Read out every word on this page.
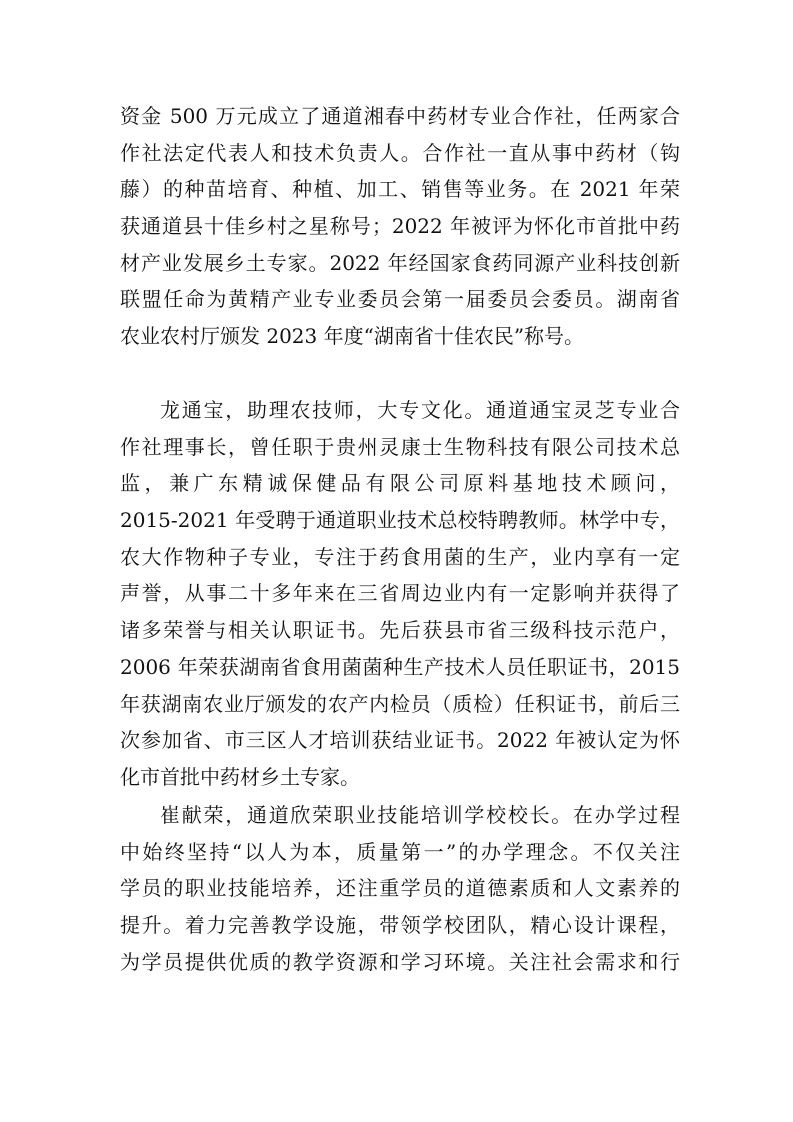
资金 500 万元成立了通道湘春中药材专业合作社，任两家合
作社法定代表人和技术负责人。合作社一直从事中药材（钩
藤）的种苗培育、种植、加工、销售等业务。在 2021 年荣
获通道县十佳乡村之星称号；2022 年被评为怀化市首批中药
材产业发展乡土专家。2022 年经国家食药同源产业科技创新
联盟任命为黄精产业专业委员会第一届委员会委员。湖南省
农业农村厅颁发 2023 年度“湖南省十佳农民”称号。
龙通宝，助理农技师，大专文化。通道通宝灵芝专业合
作社理事长，曾任职于贵州灵康士生物科技有限公司技术总
监，兼广东精诚保健品有限公司原料基地技术顾问，
2015-2021 年受聘于通道职业技术总校特聘教师。林学中专，
农大作物种子专业，专注于药食用菌的生产，业内享有一定
声誉，从事二十多年来在三省周边业内有一定影响并获得了
诸多荣誉与相关认职证书。先后获县市省三级科技示范户，
2006 年荣获湖南省食用菌菌种生产技术人员任职证书，2015
年获湖南农业厅颁发的农产内检员（质检）任积证书，前后三
次参加省、市三区人才培训获结业证书。2022 年被认定为怀
化市首批中药材乡土专家。
崔献荣，通道欣荣职业技能培训学校校长。在办学过程
中始终坚持“以人为本，质量第一”的办学理念。不仅关注
学员的职业技能培养，还注重学员的道德素质和人文素养的
提升。着力完善教学设施，带领学校团队，精心设计课程，
为学员提供优质的教学资源和学习环境。关注社会需求和行
